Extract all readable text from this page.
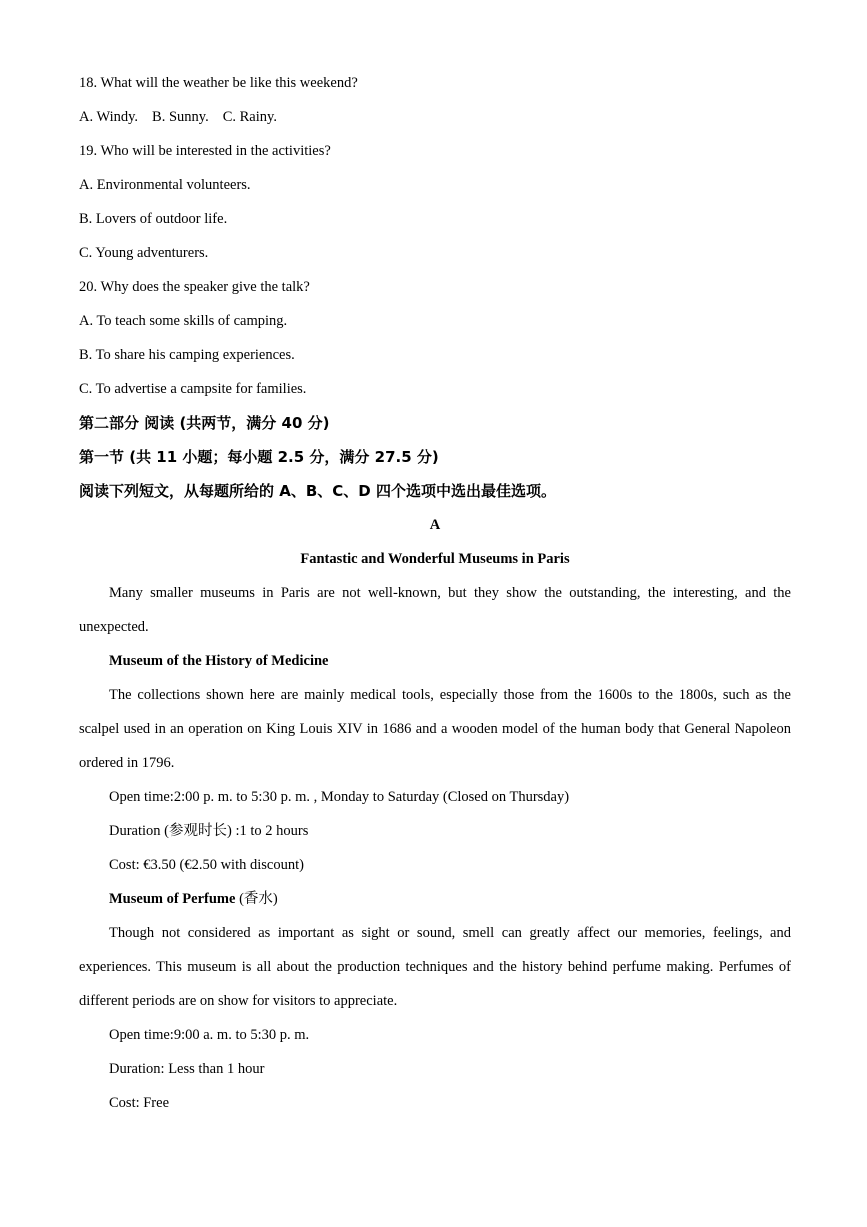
18. What will the weather be like this weekend?
A. Windy. B. Sunny. C. Rainy.
19. Who will be interested in the activities?
A. Environmental volunteers.
B. Lovers of outdoor life.
C. Young adventurers.
20. Why does the speaker give the talk?
A. To teach some skills of camping.
B. To share his camping experiences.
C. To advertise a campsite for families.
第二部分 阅读 (共两节，满分 40 分)
第一节 (共 11 小题；每小题 2.5 分，满分 27.5 分)
阅读下列短文，从每题所给的 A、B、C、D 四个选项中选出最佳选项。
A
Fantastic and Wonderful Museums in Paris
Many smaller museums in Paris are not well-known, but they show the outstanding, the interesting, and the unexpected.
Museum of the History of Medicine
The collections shown here are mainly medical tools, especially those from the 1600s to the 1800s, such as the scalpel used in an operation on King Louis XIV in 1686 and a wooden model of the human body that General Napoleon ordered in 1796.
Open time:2:00 p. m. to 5:30 p. m. , Monday to Saturday (Closed on Thursday)
Duration (参观时长) :1 to 2 hours
Cost: €3.50 (€2.50 with discount)
Museum of Perfume (香水)
Though not considered as important as sight or sound, smell can greatly affect our memories, feelings, and experiences. This museum is all about the production techniques and the history behind perfume making. Perfumes of different periods are on show for visitors to appreciate.
Open time:9:00 a. m. to 5:30 p. m.
Duration: Less than 1 hour
Cost: Free
